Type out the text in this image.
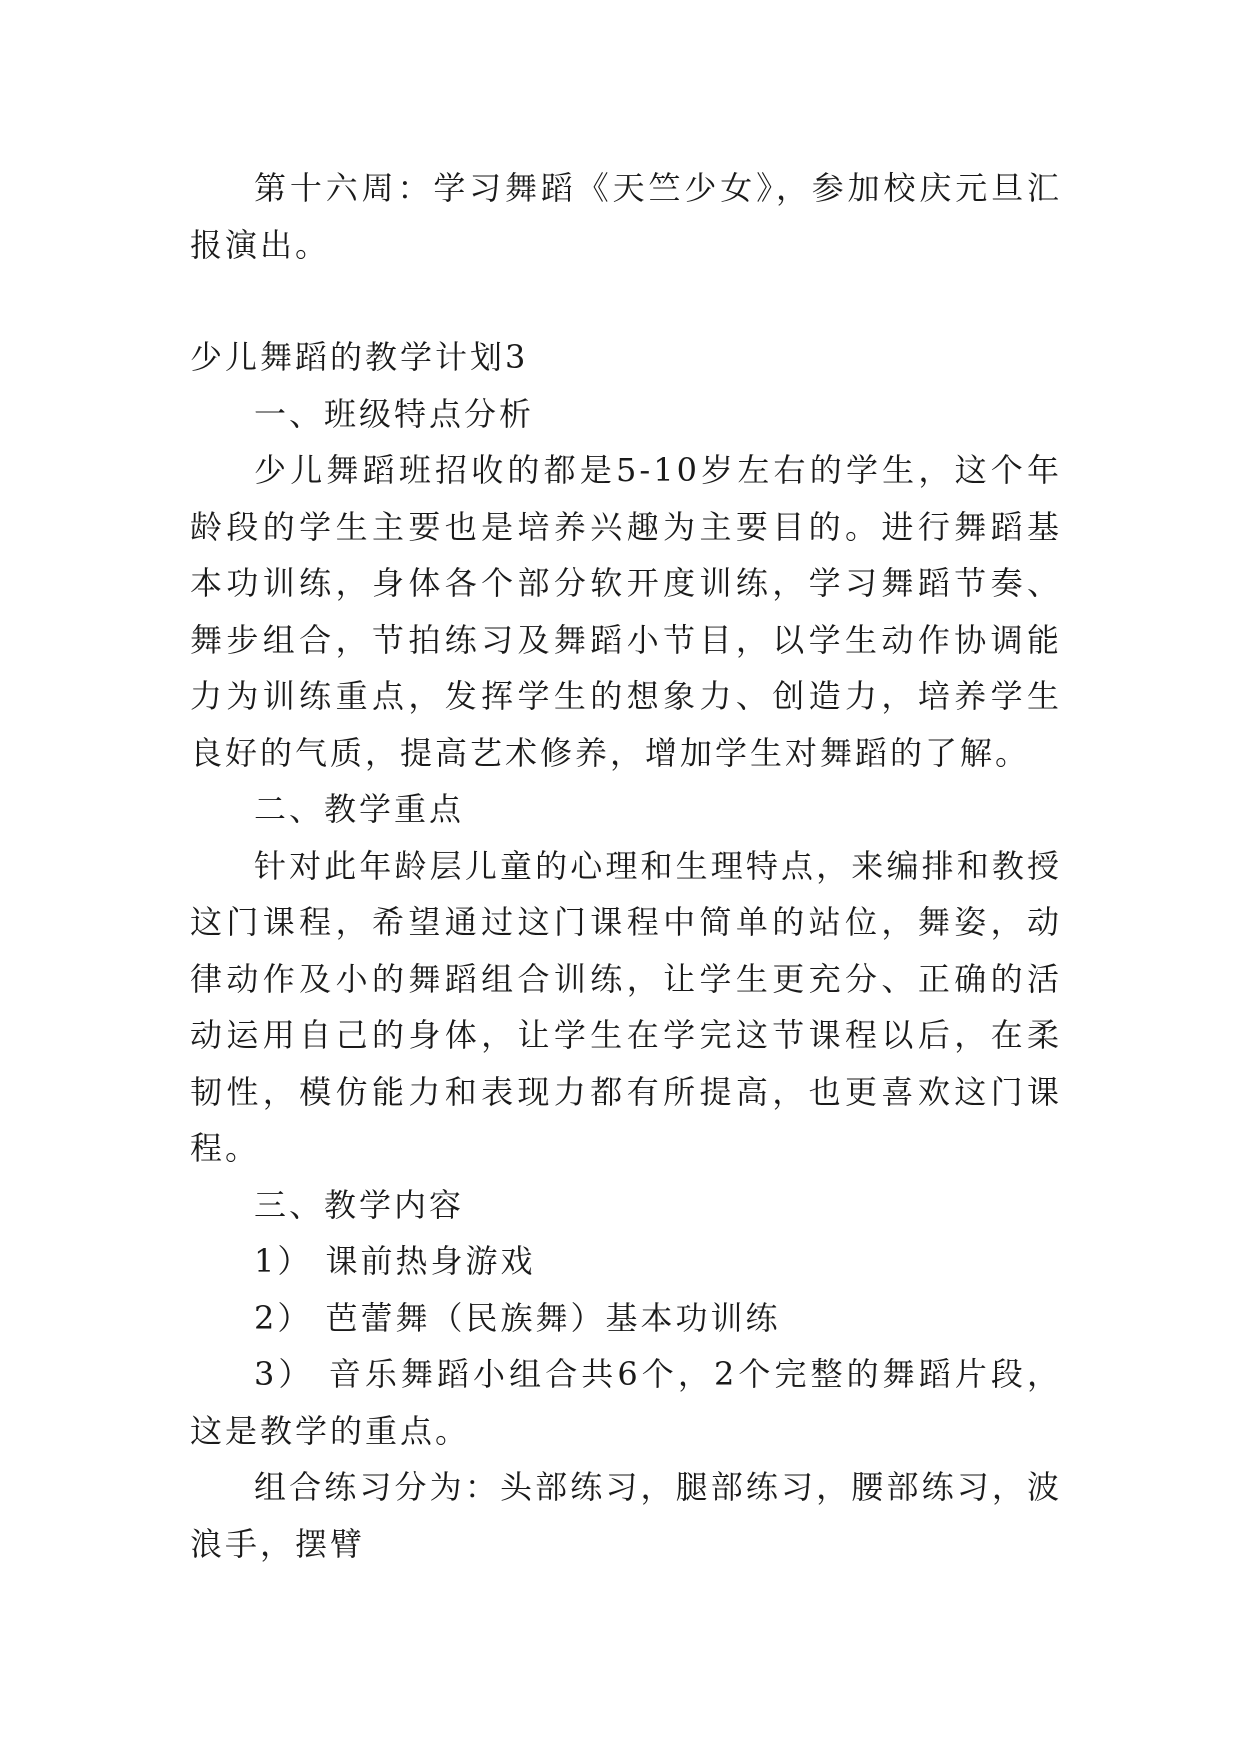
第十六周：学习舞蹈《天竺少女》，参加校庆元旦汇报演出。

少儿舞蹈的教学计划3

一、班级特点分析

少儿舞蹈班招收的都是5-10岁左右的学生，这个年龄段的学生主要也是培养兴趣为主要目的。进行舞蹈基本功训练，身体各个部分软开度训练，学习舞蹈节奏、舞步组合，节拍练习及舞蹈小节目，以学生动作协调能力为训练重点，发挥学生的想象力、创造力，培养学生良好的气质，提高艺术修养，增加学生对舞蹈的了解。

二、教学重点

针对此年龄层儿童的心理和生理特点，来编排和教授这门课程，希望通过这门课程中简单的站位，舞姿，动律动作及小的舞蹈组合训练，让学生更充分、正确的活动运用自己的身体，让学生在学完这节课程以后，在柔韧性，模仿能力和表现力都有所提高，也更喜欢这门课程。

三、教学内容

1） 课前热身游戏

2） 芭蕾舞（民族舞）基本功训练

3） 音乐舞蹈小组合共6个，2个完整的舞蹈片段，这是教学的重点。

组合练习分为：头部练习，腿部练习，腰部练习，波浪手，摆臂
